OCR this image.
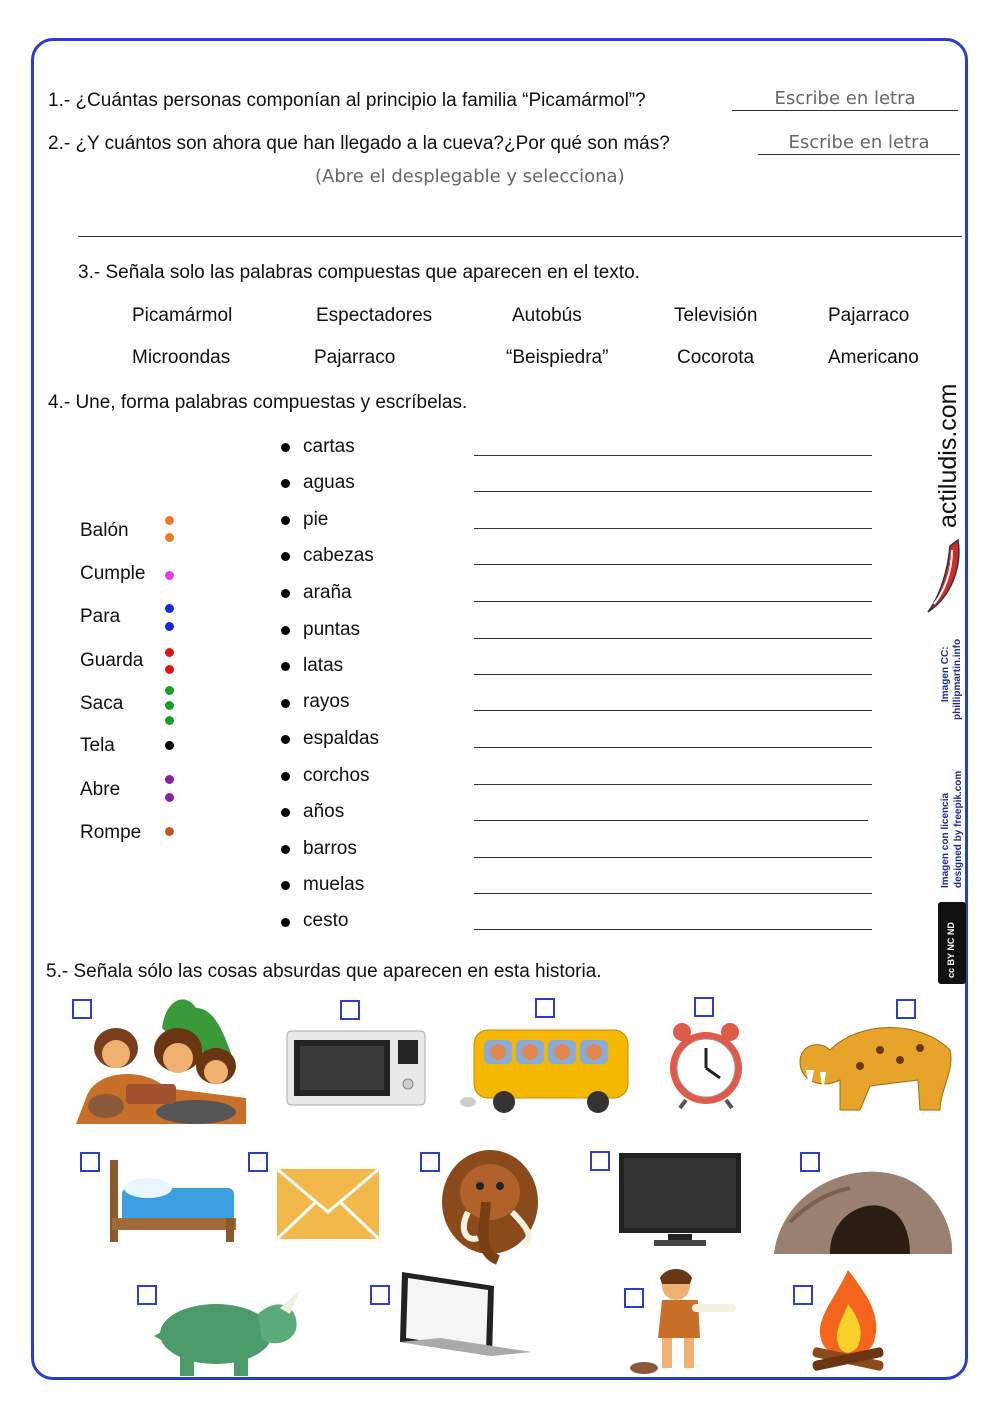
1.- ¿Cuántas personas componían al principio la familia “Picamármol”?	Escribe en letra
2.- ¿Y cuántos son ahora que han llegado a la cueva?¿Por qué son más?	Escribe en letra
(Abre el desplegable y selecciona)
3.- Señala solo las palabras compuestas que aparecen en el texto.
Picamármol	Espectadores	Autobús	Televisión	Pajarraco
Microondas	Pajarraco	“Beispiedra”	Cocorota	Americano
4.- Une, forma palabras compuestas y escríbelas.
Balón
Cumple
Para
Guarda
Saca
Tela
Abre
Rompe
cartas
aguas
pie
cabezas
araña
puntas
latas
rayos
espaldas
corchos
años
barros
muelas
cesto
actiludis.com
Imagen CC: phillipmartin.info
Imagen con licencia designed by freepik.com
cc BY NC ND
5.- Señala sólo las cosas absurdas que aparecen en esta historia.
